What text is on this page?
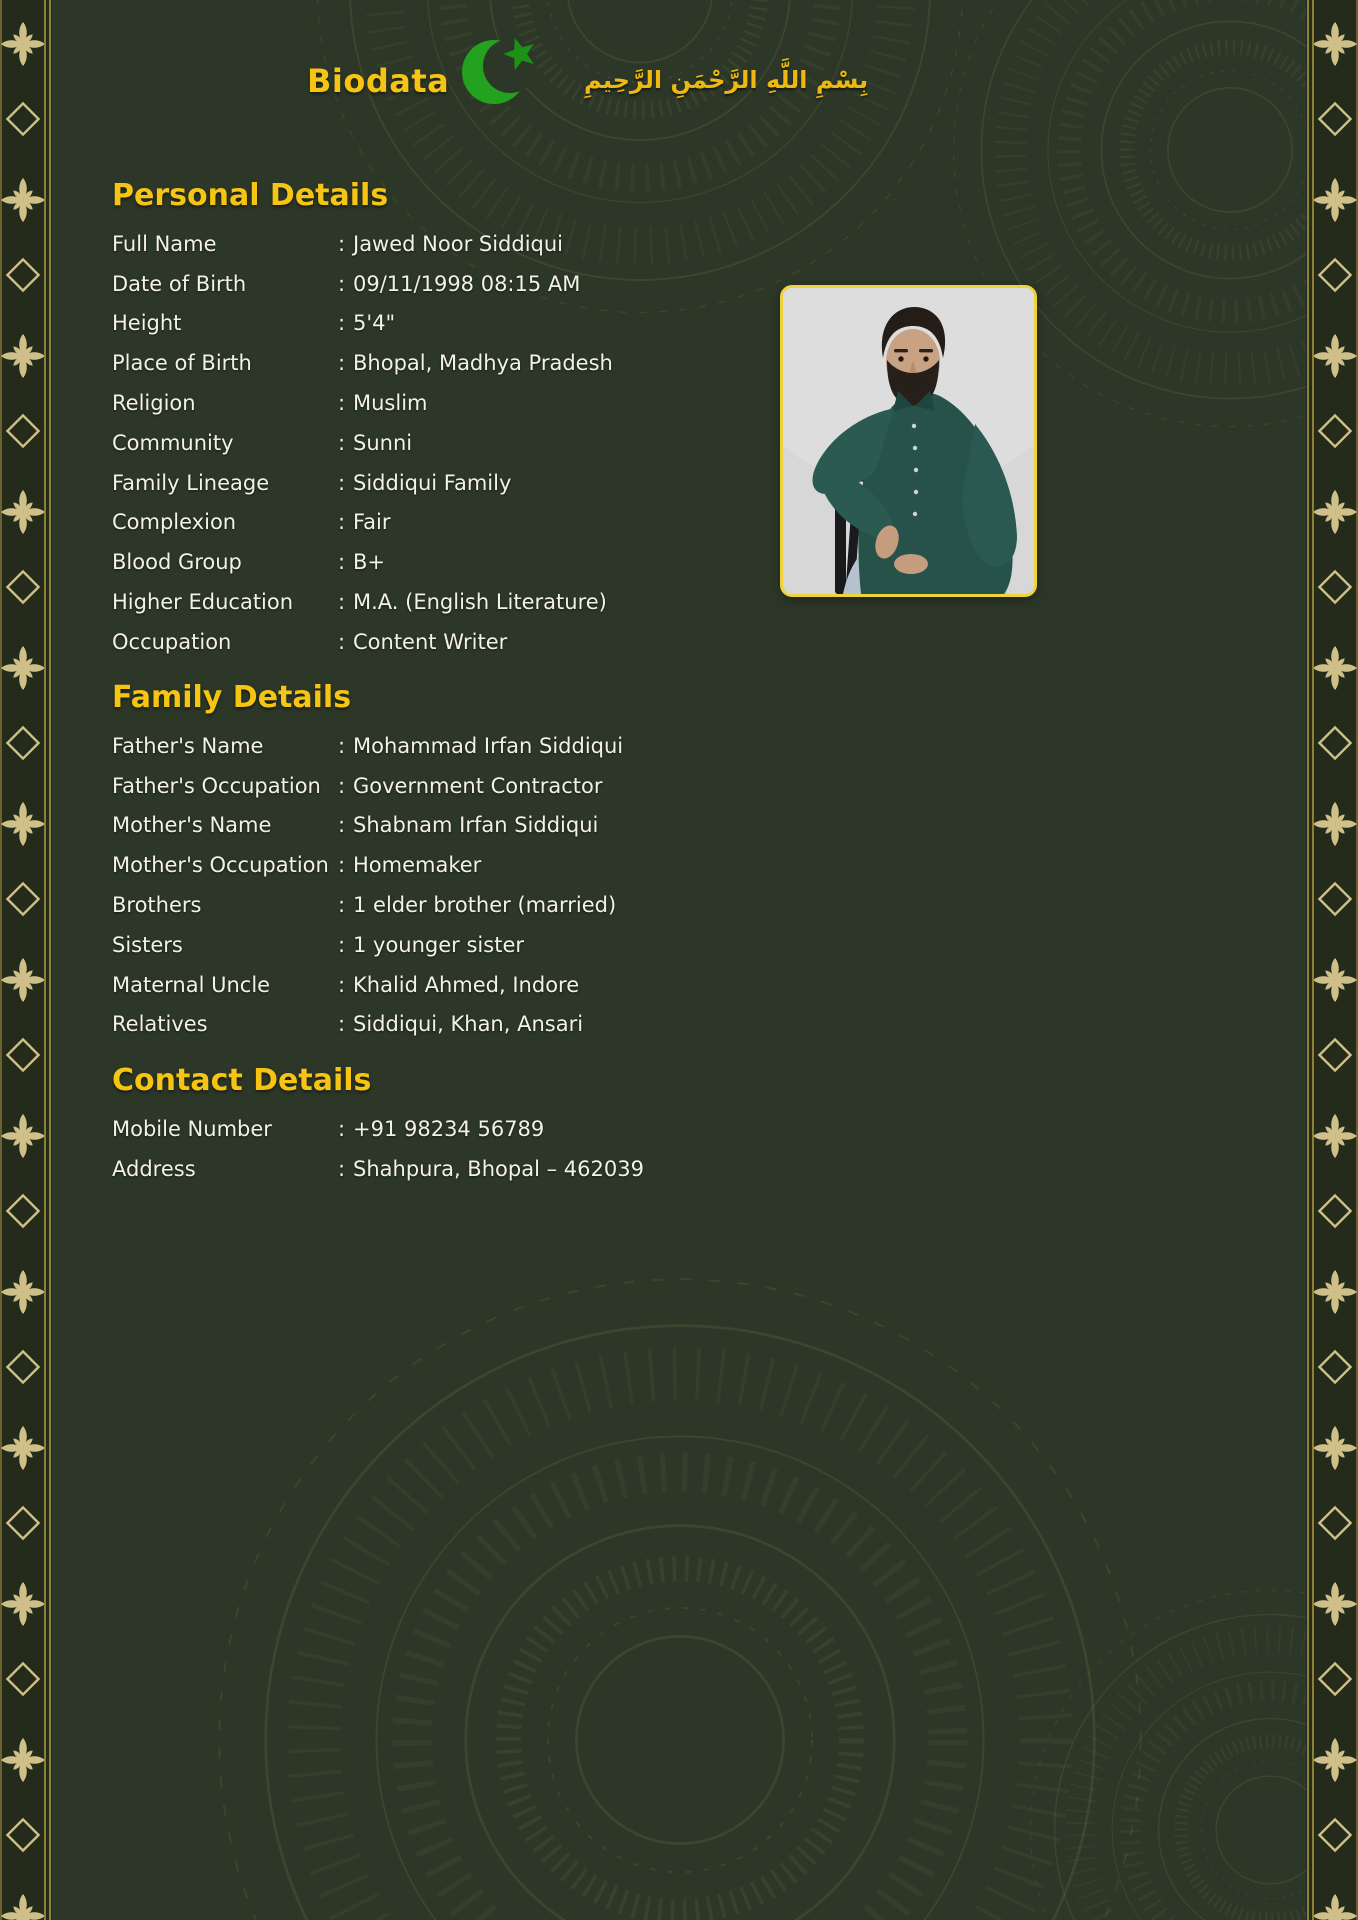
Biodata	بِسْمِ اللَّهِ الرَّحْمَنِ الرَّحِيمِ
Personal Details
Full Name	: Jawed Noor Siddiqui
Date of Birth	: 09/11/1998 08:15 AM
Height	: 5'4"
Place of Birth	: Bhopal, Madhya Pradesh
Religion	: Muslim
Community	: Sunni
Family Lineage	: Siddiqui Family
Complexion	: Fair
Blood Group	: B+
Higher Education	: M.A. (English Literature)
Occupation	: Content Writer
Family Details
Father's Name	: Mohammad Irfan Siddiqui
Father's Occupation : Government Contractor
Mother's Name	: Shabnam Irfan Siddiqui
Mother's Occupation : Homemaker
Brothers	: 1 elder brother (married)
Sisters	: 1 younger sister
Maternal Uncle	: Khalid Ahmed, Indore
Relatives	: Siddiqui, Khan, Ansari
Contact Details
Mobile Number	: +91 98234 56789
Address	: Shahpura, Bhopal – 462039
